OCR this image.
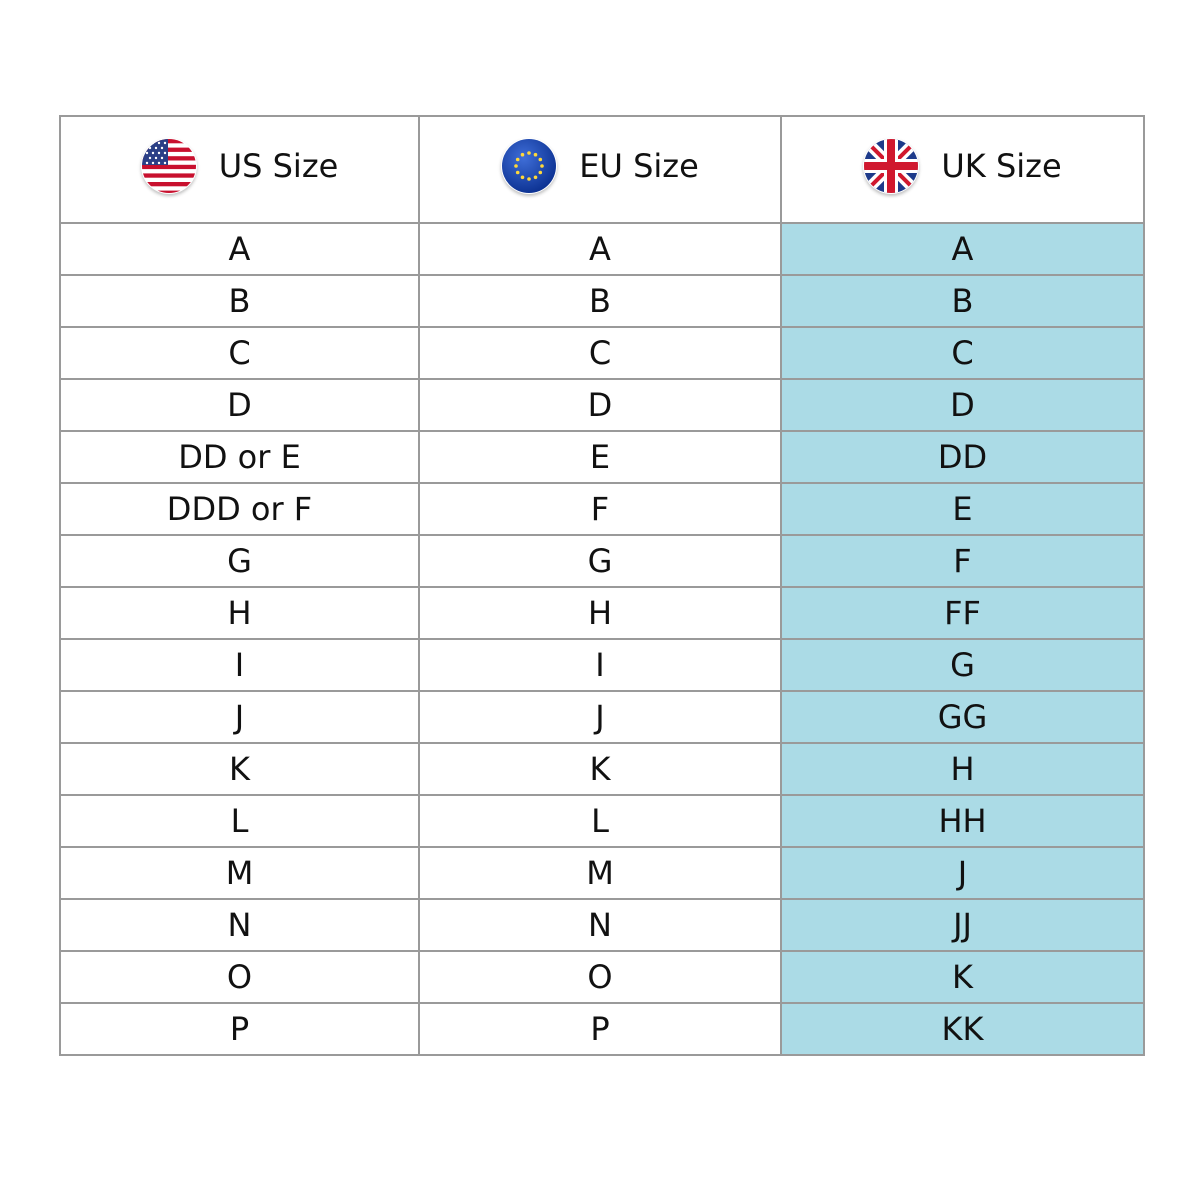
US Size	EU Size	UK Size

A	A	A
B	B	B
C	C	C
D	D	D
DD or E	E	DD
DDD or F	F	E
G	G	F
H	H	FF
I	I	G
J	J	GG
K	K	H
L	L	HH
M	M	J
N	N	JJ
O	O	K
P	P	KK
